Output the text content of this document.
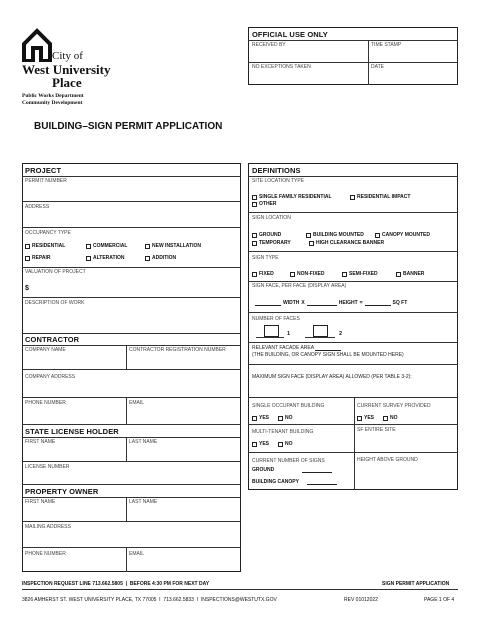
City of
West University
Place
Public Works Department
Community Development
BUILDING–SIGN PERMIT APPLICATION
OFFICIAL USE ONLY
RECEIVED BY	TIME STAMP
NO EXCEPTIONS TAKEN	DATE
PROJECT
PERMIT NUMBER
ADDRESS
OCCUPANCY TYPE
RESIDENTIAL	COMMERCIAL	NEW INSTALLATION
REPAIR	ALTERATION	ADDITION
VALUATION OF PROJECT
$
DESCRIPTION OF WORK
CONTRACTOR
COMPANY NAME	CONTRACTOR REGISTRATION NUMBER
COMPANY ADDRESS
PHONE NUMBER	EMAIL
STATE LICENSE HOLDER
FIRST NAME	LAST NAME
LICENSE NUMBER
PROPERTY OWNER
FIRST NAME	LAST NAME
MAILING ADDRESS
PHONE NUMBER	EMAIL
DEFINITIONS
SITE LOCATION TYPE
SINGLE FAMILY RESIDENTIAL	RESIDENTIAL IMPACT
OTHER
SIGN LOCATION
GROUND	BUILDING MOUNTED	CANOPY MOUNTED
TEMPORARY	HIGH CLEARANCE BANNER
SIGN TYPE
FIXED	NON-FIXED	SEMI-FIXED	BANNER
SIGN FACE, PER FACE (DISPLAY AREA)
WIDTH X	HEIGHT =	SQ FT
NUMBER OF FACES
1	2
RELEVANT FACADE AREA
(THE BUILDING, OR CANOPY SIGN SHALL BE MOUNTED HERE)
MAXIMUM SIGN FACE (DISPLAY AREA) ALLOWED (PER TABLE 3-2):
SINGLE OCCUPANT BUILDING	CURRENT SURVEY PROVIDED
YES	NO	YES	NO
MULTI-TENANT BUILDING	SF ENTIRE SITE
YES	NO
CURRENT NUMBER OF SIGNS	HEIGHT ABOVE GROUND
GROUND
BUILDING CANOPY
INSPECTION REQUEST LINE 713.662.5805  |  BEFORE 4:30 PM FOR NEXT DAY	SIGN PERMIT APPLICATION
3826 AMHERST ST. WEST UNIVERSITY PLACE, TX 77005  I  713.662.5833  I  INSPECTIONS@WESTUTX.GOV	REV 01012022	PAGE 1 OF 4
